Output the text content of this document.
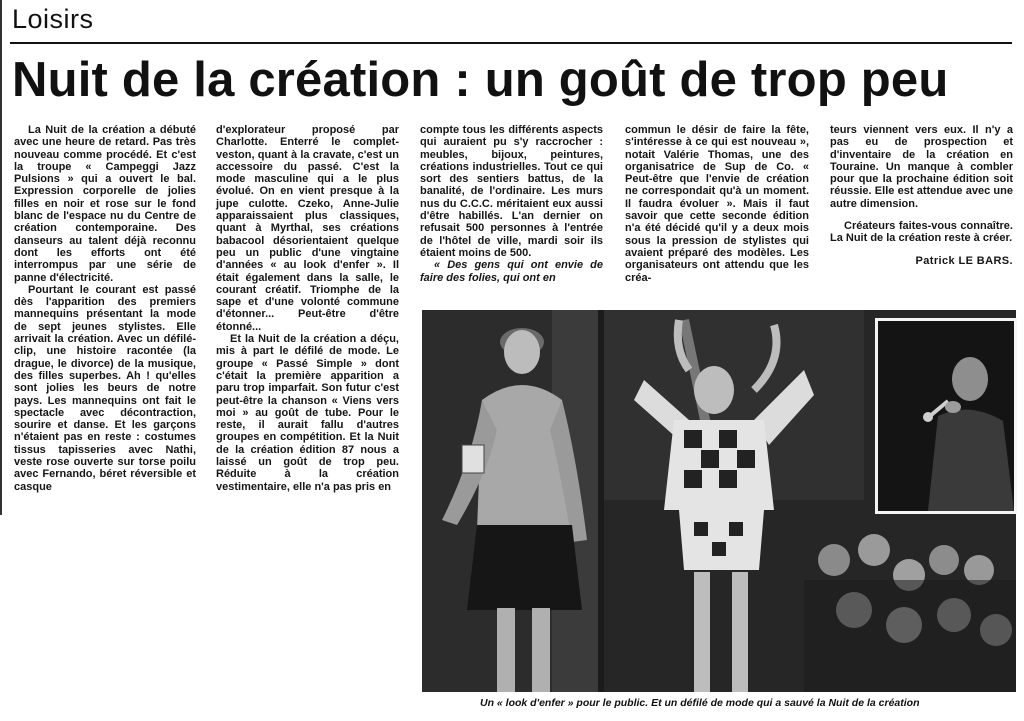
Loisirs
Nuit de la création : un goût de trop peu

La Nuit de la création a débuté avec une heure de retard. Pas très nouveau comme procédé. Et c'est la troupe « Campeggi Jazz Pulsions » qui a ouvert le bal. Expression corporelle de jolies filles en noir et rose sur le fond blanc de l'espace nu du Centre de création contemporaine. Des danseurs au talent déjà reconnu dont les efforts ont été interrompus par une série de panne d'électricité.

Pourtant le courant est passé dès l'apparition des premiers mannequins présentant la mode de sept jeunes stylistes. Elle arrivait la création. Avec un défilé-clip, une histoire racontée (la drague, le divorce) de la musique, des filles superbes. Ah ! qu'elles sont jolies les beurs de notre pays. Les mannequins ont fait le spectacle avec décontraction, sourire et danse. Et les garçons n'étaient pas en reste : costumes tissus tapisseries avec Nathi, veste rose ouverte sur torse poilu avec Fernando, béret réversible et casque

d'explorateur proposé par Charlotte. Enterré le complet-veston, quant à la cravate, c'est un accessoire du passé. C'est la mode masculine qui a le plus évolué. On en vient presque à la jupe culotte. Czeko, Anne-Julie apparaissaient plus classiques, quant à Myrthal, ses créations babacool désorientaient quelque peu un public d'une vingtaine d'années « au look d'enfer ». Il était également dans la salle, le courant créatif. Triomphe de la sape et d'une volonté commune d'étonner... Peut-être d'être étonné...

Et la Nuit de la création a déçu, mis à part le défilé de mode. Le groupe « Passé Simple » dont c'était la première apparition a paru trop imparfait. Son futur c'est peut-être la chanson « Viens vers moi » au goût de tube. Pour le reste, il aurait fallu d'autres groupes en compétition. Et la Nuit de la création édition 87 nous a laissé un goût de trop peu. Réduite à la création vestimentaire, elle n'a pas pris en

compte tous les différents aspects qui auraient pu s'y raccrocher : meubles, bijoux, peintures, créations industrielles. Tout ce qui sort des sentiers battus, de la banalité, de l'ordinaire. Les murs nus du C.C.C. méritaient eux aussi d'être habillés. L'an dernier on refusait 500 personnes à l'entrée de l'hôtel de ville, mardi soir ils étaient moins de 500.

« Des gens qui ont envie de faire des folies, qui ont en

commun le désir de faire la fête, s'intéresse à ce qui est nouveau », notait Valérie Thomas, une des organisatrice de Sup de Co. « Peut-être que l'envie de création ne correspondait qu'à un moment. Il faudra évoluer ». Mais il faut savoir que cette seconde édition n'a été décidé qu'il y a deux mois sous la pression de stylistes qui avaient préparé des modèles. Les organisateurs ont attendu que les créa-

teurs viennent vers eux. Il n'y a pas eu de prospection et d'inventaire de la création en Touraine. Un manque à combler pour que la prochaine édition soit réussie. Elle est attendue avec une autre dimension.

Créateurs faites-vous connaître. La Nuit de la création reste à créer.

Patrick LE BARS.
Un « look d'enfer » pour le public. Et un défilé de mode qui a sauvé la Nuit de la création
